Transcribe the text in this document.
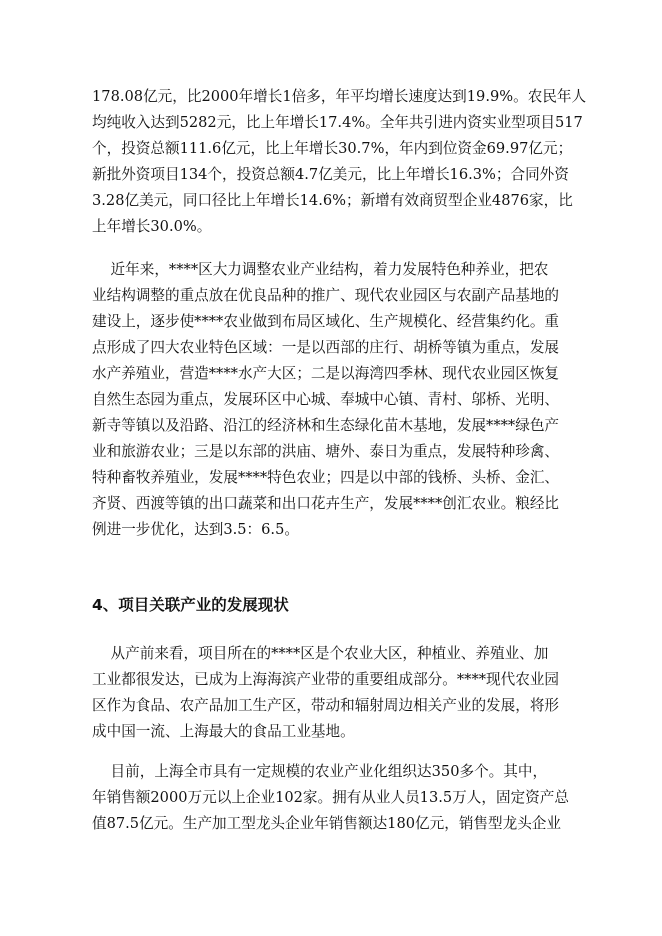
178.08亿元，比2000年增长1倍多，年平均增长速度达到19.9%。农民年人
均纯收入达到5282元，比上年增长17.4%。全年共引进内资实业型项目517
个，投资总额111.6亿元，比上年增长30.7%，年内到位资金69.97亿元；
新批外资项目134个，投资总额4.7亿美元，比上年增长16.3%；合同外资
3.28亿美元，同口径比上年增长14.6%；新增有效商贸型企业4876家，比
上年增长30.0%。
近年来，****区大力调整农业产业结构，着力发展特色种养业，把农
业结构调整的重点放在优良品种的推广、现代农业园区与农副产品基地的
建设上，逐步使****农业做到布局区域化、生产规模化、经营集约化。重
点形成了四大农业特色区域：一是以西部的庄行、胡桥等镇为重点，发展
水产养殖业，营造****水产大区；二是以海湾四季林、现代农业园区恢复
自然生态园为重点，发展环区中心城、奉城中心镇、青村、邬桥、光明、
新寺等镇以及沿路、沿江的经济林和生态绿化苗木基地，发展****绿色产
业和旅游农业；三是以东部的洪庙、塘外、泰日为重点，发展特种珍禽、
特种畜牧养殖业，发展****特色农业；四是以中部的钱桥、头桥、金汇、
齐贤、西渡等镇的出口蔬菜和出口花卉生产，发展****创汇农业。粮经比
例进一步优化，达到3.5：6.5。
4、项目关联产业的发展现状
从产前来看，项目所在的****区是个农业大区，种植业、养殖业、加
工业都很发达，已成为上海海滨产业带的重要组成部分。****现代农业园
区作为食品、农产品加工生产区，带动和辐射周边相关产业的发展，将形
成中国一流、上海最大的食品工业基地。
目前，上海全市具有一定规模的农业产业化组织达350多个。其中，
年销售额2000万元以上企业102家。拥有从业人员13.5万人，固定资产总
值87.5亿元。生产加工型龙头企业年销售额达180亿元，销售型龙头企业
